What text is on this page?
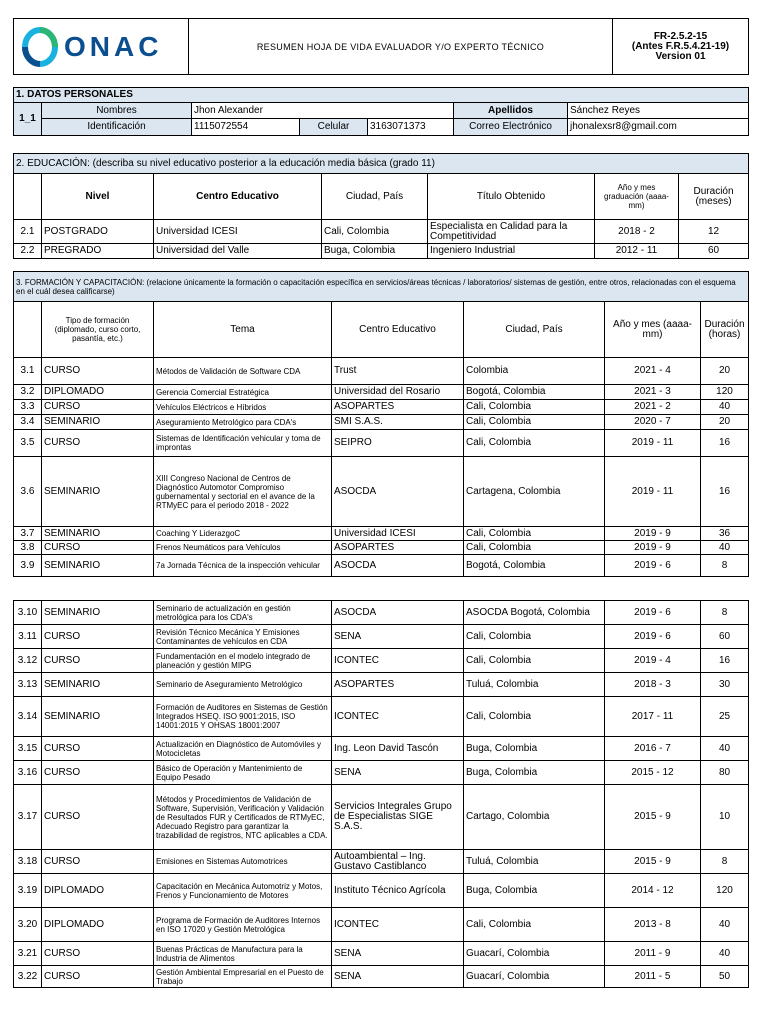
ONAC	RESUMEN HOJA DE VIDA EVALUADOR Y/O EXPERTO TÉCNICO	
FR-2.5.2-15
(Antes F.R.5.4.21-19)
Version 01
1. DATOS PERSONALES						
1_1	Nombres	Jhon Alexander			Apellidos	Sánchez Reyes
	Identificación	1115072554	Celular	3163071373	Correo Electrónico	jhonalexsr8@gmail.com
2. EDUCACIÓN: (describa su nivel educativo posterior a la educación media básica (grado 11)						
	Nivel	Centro Educativo	Ciudad, País	Título Obtenido	Año y mes graduación (aaaa-mm)	Duración (meses)
2.1	POSTGRADO	Universidad ICESI	Cali, Colombia	Especialista en Calidad para la Competitividad	2018 - 2	12
2.2	PREGRADO	Universidad del Valle	Buga, Colombia	Ingeniero Industrial	2012 - 11	60
3. FORMACIÓN Y CAPACITACIÓN: (relacione únicamente la formación o capacitación específica en servicios/áreas técnicas / laboratorios/ sistemas de gestión, entre otros, relacionadas con el esquema en el cuál desea calificarse)						
	Tipo de formación (diplomado, curso corto, pasantía, etc.)	Tema	Centro Educativo	Ciudad, País	Año y mes (aaaa-mm)	Duración (horas)
3.1	CURSO	Métodos de Validación de Software CDA	Trust	Colombia	2021 - 4	20
3.2	DIPLOMADO	Gerencia Comercial Estratégica	Universidad del Rosario	Bogotá, Colombia	2021 - 3	120
3.3	CURSO	Vehículos Eléctricos e Híbridos	ASOPARTES	Cali, Colombia	2021 - 2	40
3.4	SEMINARIO	Aseguramiento Metrológico para CDA's	SMI S.A.S.	Cali, Colombia	2020 - 7	20
3.5	CURSO	Sistemas de Identificación vehicular y toma de improntas	SEIPRO	Cali, Colombia	2019 - 11	16
3.6	SEMINARIO	XIII Congreso Nacional de Centros de Diagnóstico Automotor Compromiso gubernamental y sectorial en el avance de la RTMyEC para el periodo 2018 - 2022	ASOCDA	Cartagena, Colombia	2019 - 11	16
3.7	SEMINARIO	Coaching Y LiderazgoC	Universidad ICESI	Cali, Colombia	2019 - 9	36
3.8	CURSO	Frenos Neumáticos para Vehículos	ASOPARTES	Cali, Colombia	2019 - 9	40
3.9	SEMINARIO	7a Jornada Técnica de la inspección vehicular	ASOCDA	Bogotá, Colombia	2019 - 6	8
3.10	SEMINARIO	Seminario de actualización en gestión metrológica para los CDA's	ASOCDA	ASOCDA Bogotá, Colombia	2019 - 6	8
3.11	CURSO	Revisión Técnico Mecánica Y Emisiones Contaminantes de vehículos en CDA	SENA	Cali, Colombia	2019 - 6	60
3.12	CURSO	Fundamentación en el modelo integrado de planeación y gestión MIPG	ICONTEC	Cali, Colombia	2019 - 4	16
3.13	SEMINARIO	Seminario de Aseguramiento Metrológico	ASOPARTES	Tuluá, Colombia	2018 - 3	30
3.14	SEMINARIO	Formación de Auditores en Sistemas de Gestión Integrados HSEQ. ISO 9001:2015, ISO 14001:2015 Y OHSAS 18001:2007	ICONTEC	Cali, Colombia	2017 - 11	25
3.15	CURSO	Actualización en Diagnóstico de Automóviles y Motocicletas	Ing. Leon David Tascón	Buga, Colombia	2016 - 7	40
3.16	CURSO	Básico de Operación y Mantenimiento de Equipo Pesado	SENA	Buga, Colombia	2015 - 12	80
3.17	CURSO	Métodos y Procedimientos de Validación de Software, Supervisión, Verificación y Validación de Resultados FUR y Certificados de RTMyEC, Adecuado Registro para garantizar la trazabilidad de registros, NTC aplicables a CDA.	Servicios Integrales Grupo de Especialistas SIGE S.A.S.	Cartago, Colombia	2015 - 9	10
3.18	CURSO	Emisiones en Sistemas Automotrices	Autoambiental – Ing. Gustavo Castiblanco	Tuluá, Colombia	2015 - 9	8
3.19	DIPLOMADO	Capacitación en Mecánica Automotriz y Motos, Frenos y Funcionamiento de Motores	Instituto Técnico Agrícola	Buga, Colombia	2014 - 12	120
3.20	DIPLOMADO	Programa de Formación de Auditores Internos en ISO 17020 y Gestión Metrológica	ICONTEC	Cali, Colombia	2013 - 8	40
3.21	CURSO	Buenas Prácticas de Manufactura para la Industria de Alimentos	SENA	Guacarí, Colombia	2011 - 9	40
3.22	CURSO	Gestión Ambiental Empresarial en el Puesto de Trabajo	SENA	Guacarí, Colombia	2011 - 5	50
